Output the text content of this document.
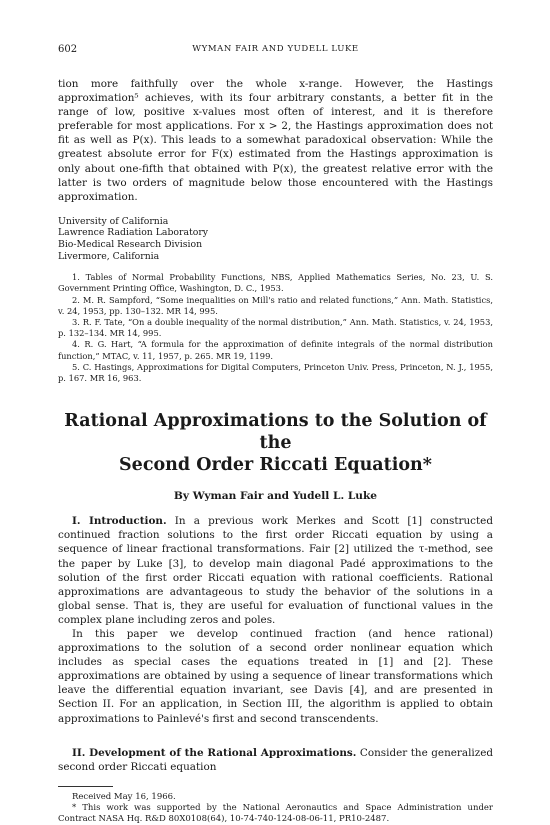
602	WYMAN FAIR AND YUDELL LUKE

tion more faithfully over the whole x-range. However, the Hastings approximation⁵ achieves, with its four arbitrary constants, a better fit in the range of low, positive x-values most often of interest, and it is therefore preferable for most applications. For x > 2, the Hastings approximation does not fit as well as P(x). This leads to a somewhat paradoxical observation: While the greatest absolute error for F(x) estimated from the Hastings approximation is only about one-fifth that obtained with P(x), the greatest relative error with the latter is two orders of magnitude below those encountered with the Hastings approximation.

University of California
Lawrence Radiation Laboratory
Bio-Medical Research Division
Livermore, California

1. Tables of Normal Probability Functions, NBS, Applied Mathematics Series, No. 23, U. S. Government Printing Office, Washington, D. C., 1953.

2. M. R. Sampford, “Some inequalities on Mill's ratio and related functions,” Ann. Math. Statistics, v. 24, 1953, pp. 130–132. MR 14, 995.

3. R. F. Tate, “On a double inequality of the normal distribution,” Ann. Math. Statistics, v. 24, 1953, p. 132–134. MR 14, 995.

4. R. G. Hart, “A formula for the approximation of definite integrals of the normal distribution function,” MTAC, v. 11, 1957, p. 265. MR 19, 1199.

5. C. Hastings, Approximations for Digital Computers, Princeton Univ. Press, Princeton, N. J., 1955, p. 167. MR 16, 963.

Rational Approximations to the Solution of the
Second Order Riccati Equation*
By Wyman Fair and Yudell L. Luke

I. Introduction. In a previous work Merkes and Scott [1] constructed continued fraction solutions to the first order Riccati equation by using a sequence of linear fractional transformations. Fair [2] utilized the τ-method, see the paper by Luke [3], to develop main diagonal Padé approximations to the solution of the first order Riccati equation with rational coefficients. Rational approximations are advantageous to study the behavior of the solutions in a global sense. That is, they are useful for evaluation of functional values in the complex plane including zeros and poles.

In this paper we develop continued fraction (and hence rational) approximations to the solution of a second order nonlinear equation which includes as special cases the equations treated in [1] and [2]. These approximations are obtained by using a sequence of linear transformations which leave the differential equation invariant, see Davis [4], and are presented in Section II. For an application, in Section III, the algorithm is applied to obtain approximations to Painlevé's first and second transcendents.

II. Development of the Rational Approximations. Consider the generalized second order Riccati equation

Received May 16, 1966.

* This work was supported by the National Aeronautics and Space Administration under Contract NASA Hq. R&D 80X0108(64), 10-74-740-124-08-06-11, PR10-2487.
